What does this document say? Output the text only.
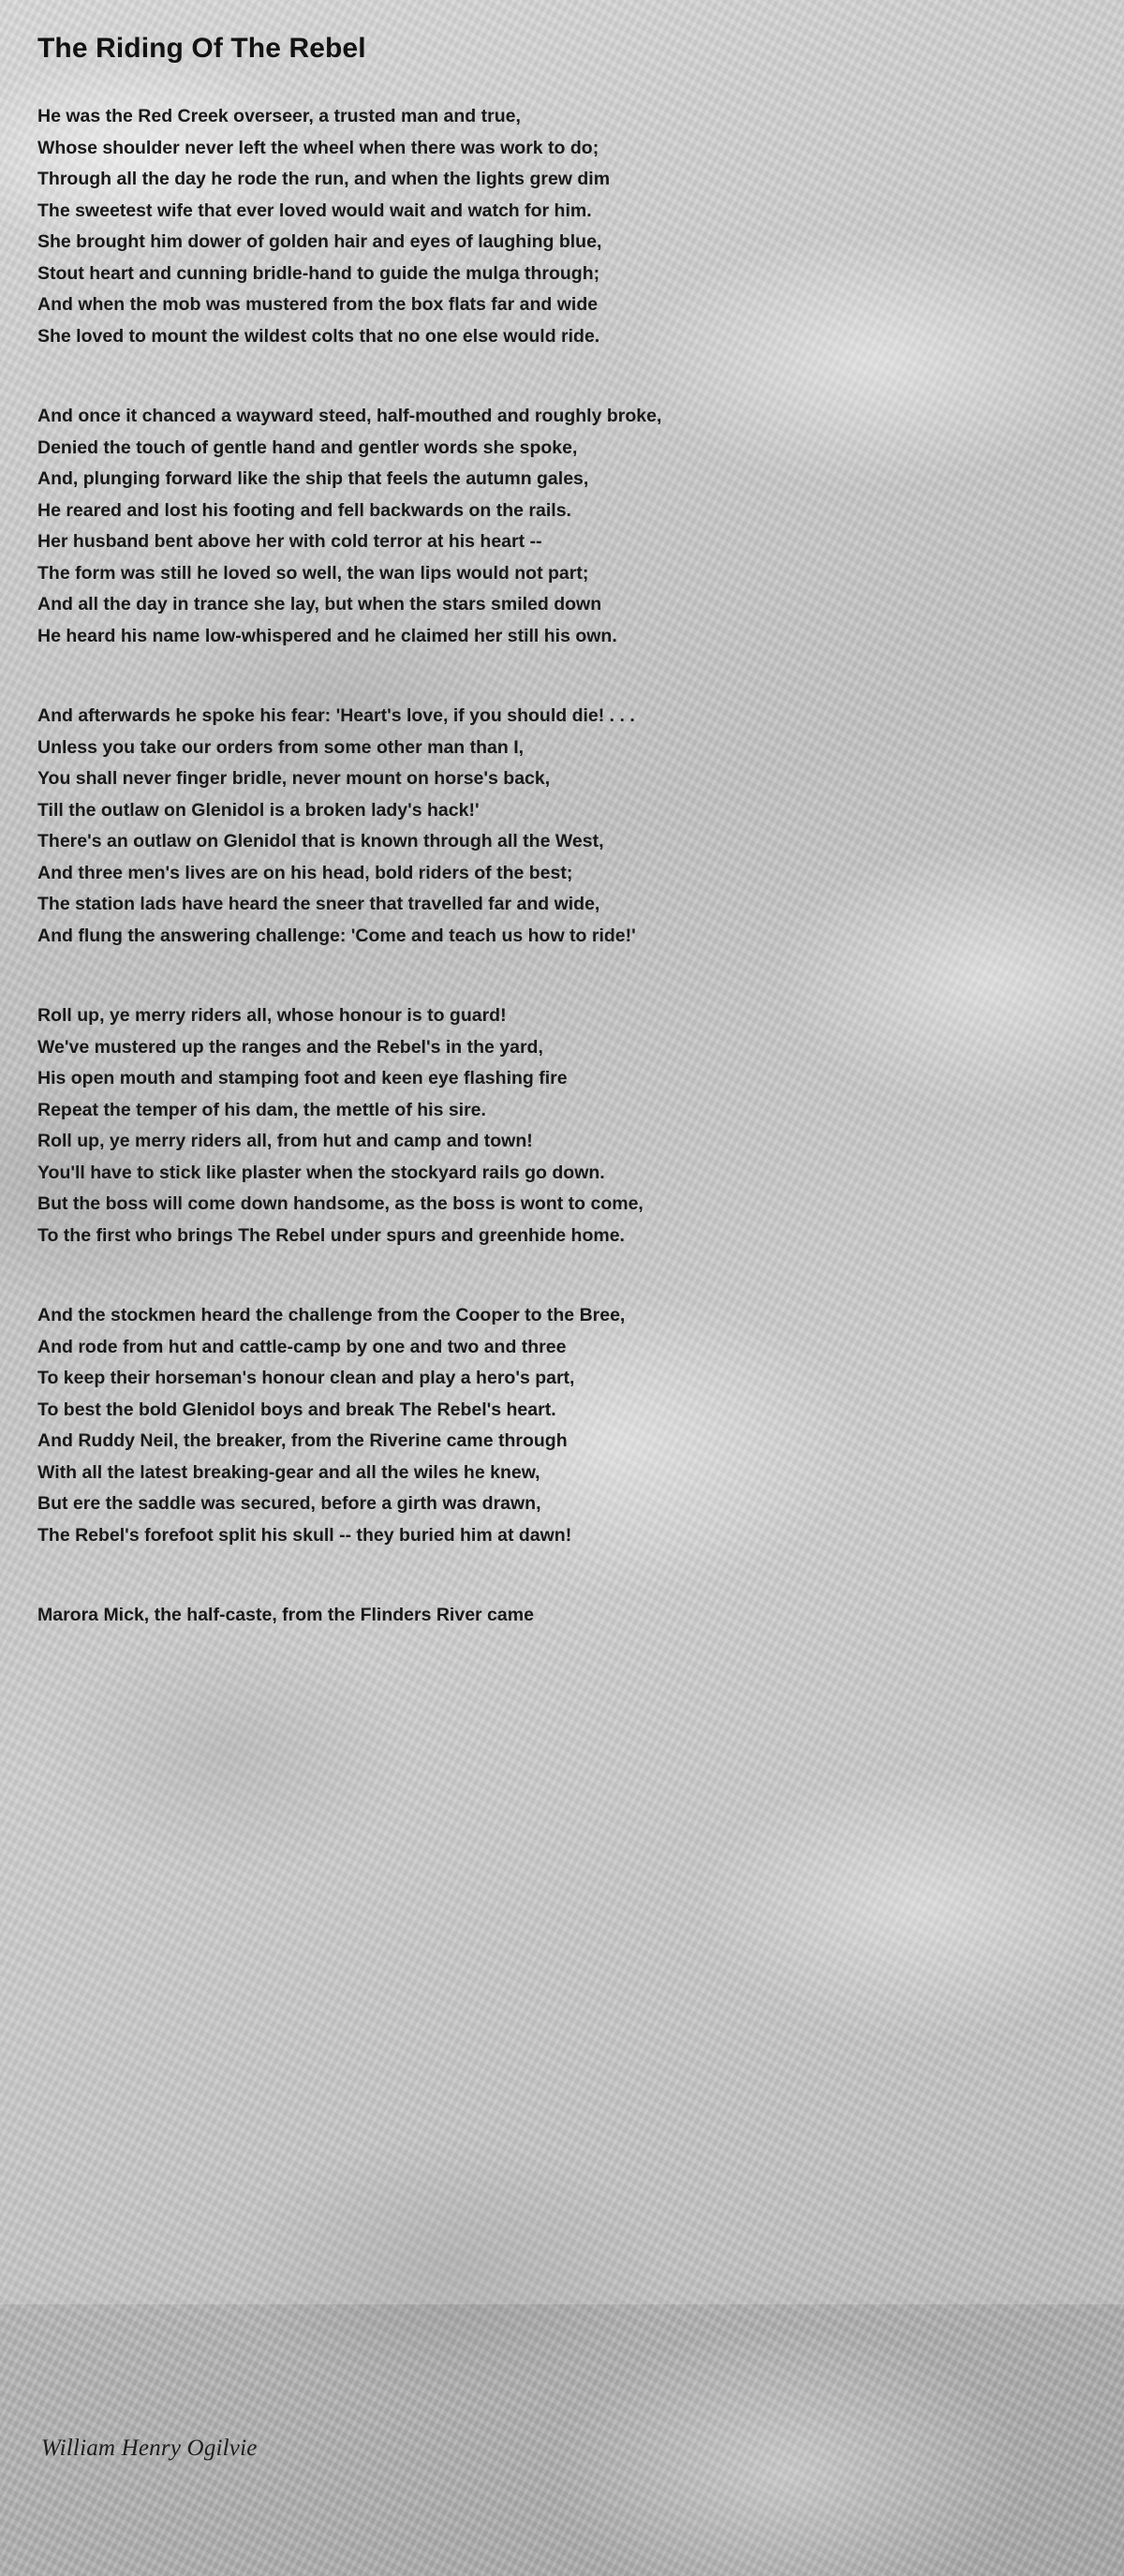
The Riding Of The Rebel
He was the Red Creek overseer, a trusted man and true,
Whose shoulder never left the wheel when there was work to do;
Through all the day he rode the run, and when the lights grew dim
The sweetest wife that ever loved would wait and watch for him.
She brought him dower of golden hair and eyes of laughing blue,
Stout heart and cunning bridle-hand to guide the mulga through;
And when the mob was mustered from the box flats far and wide
She loved to mount the wildest colts that no one else would ride.
And once it chanced a wayward steed, half-mouthed and roughly broke,
Denied the touch of gentle hand and gentler words she spoke,
And, plunging forward like the ship that feels the autumn gales,
He reared and lost his footing and fell backwards on the rails.
Her husband bent above her with cold terror at his heart --
The form was still he loved so well, the wan lips would not part;
And all the day in trance she lay, but when the stars smiled down
He heard his name low-whispered and he claimed her still his own.
And afterwards he spoke his fear: 'Heart's love, if you should die! . . .
Unless you take our orders from some other man than I,
You shall never finger bridle, never mount on horse's back,
Till the outlaw on Glenidol is a broken lady's hack!'
There's an outlaw on Glenidol that is known through all the West,
And three men's lives are on his head, bold riders of the best;
The station lads have heard the sneer that travelled far and wide,
And flung the answering challenge: 'Come and teach us how to ride!'
Roll up, ye merry riders all, whose honour is to guard!
We've mustered up the ranges and the Rebel's in the yard,
His open mouth and stamping foot and keen eye flashing fire
Repeat the temper of his dam, the mettle of his sire.
Roll up, ye merry riders all, from hut and camp and town!
You'll have to stick like plaster when the stockyard rails go down.
But the boss will come down handsome, as the boss is wont to come,
To the first who brings The Rebel under spurs and greenhide home.
And the stockmen heard the challenge from the Cooper to the Bree,
And rode from hut and cattle-camp by one and two and three
To keep their horseman's honour clean and play a hero's part,
To best the bold Glenidol boys and break The Rebel's heart.
And Ruddy Neil, the breaker, from the Riverine came through
With all the latest breaking-gear and all the wiles he knew,
But ere the saddle was secured, before a girth was drawn,
The Rebel's forefoot split his skull -- they buried him at dawn!
Marora Mick, the half-caste, from the Flinders River came
William Henry Ogilvie
